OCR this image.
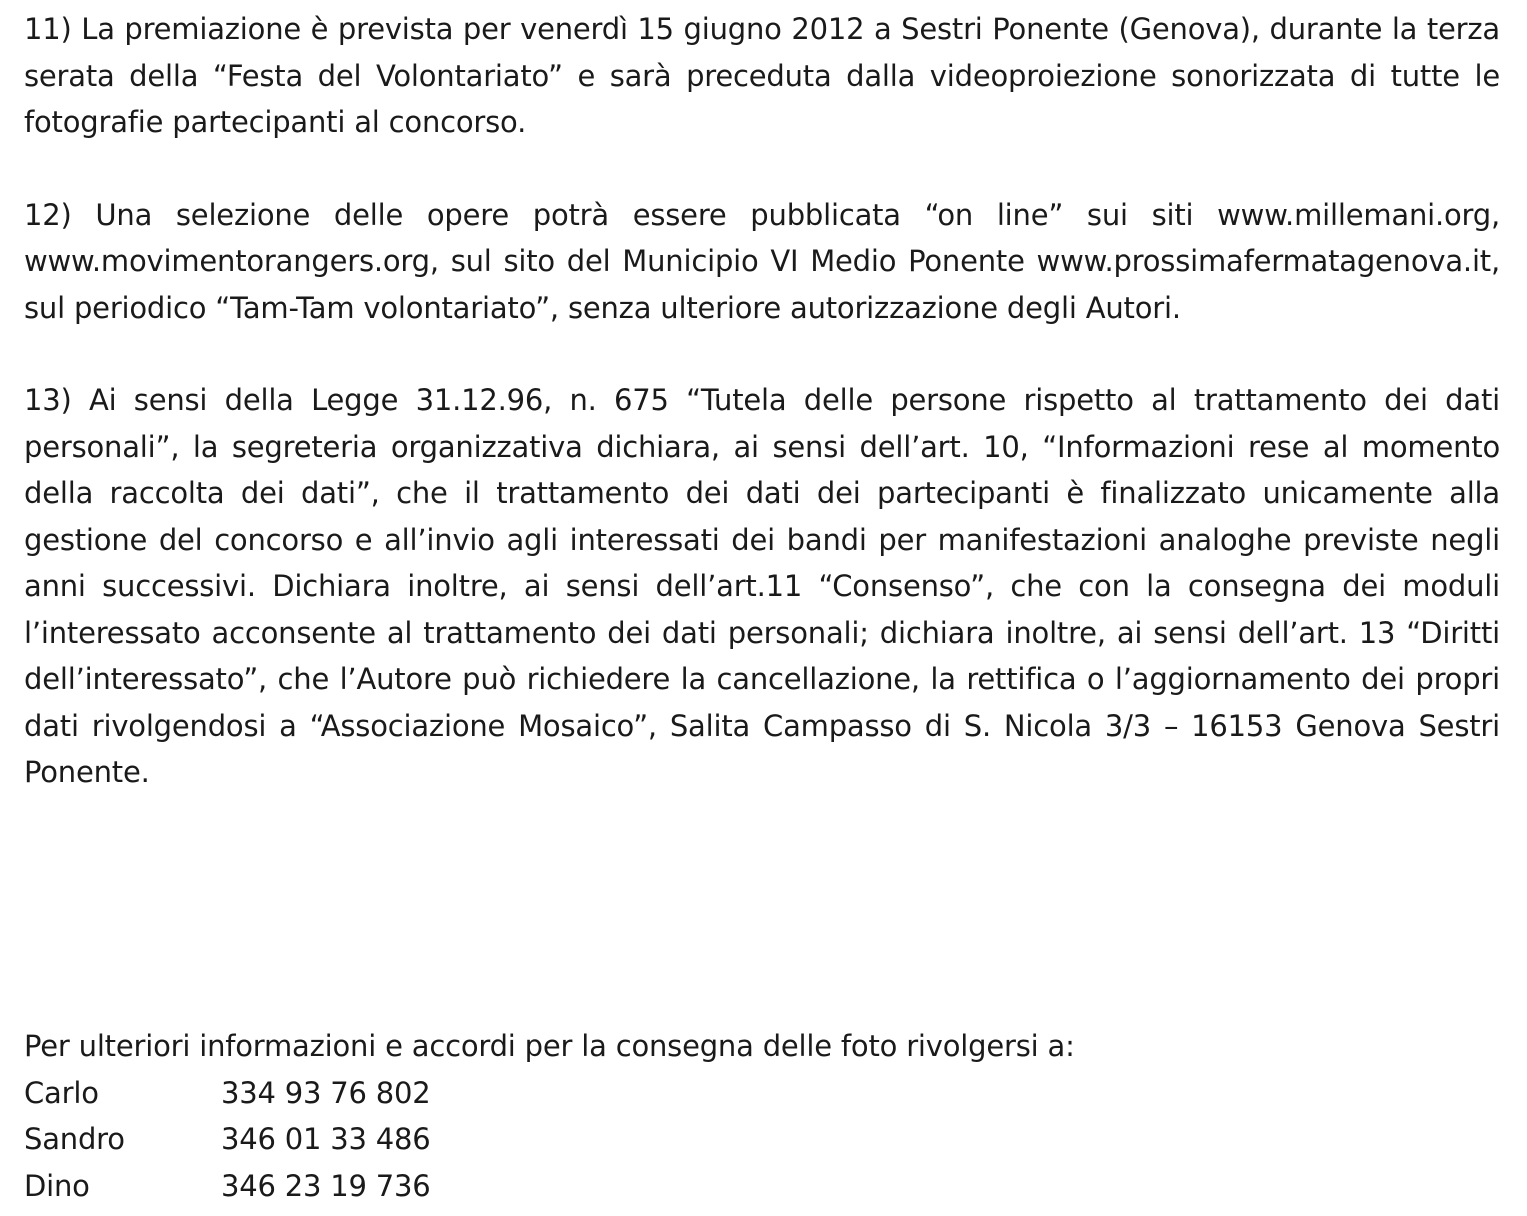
11) La premiazione è prevista per venerdì 15 giugno 2012 a Sestri Ponente (Genova), durante la terza serata della “Festa del Volontariato” e sarà preceduta dalla videoproiezione sonorizzata di tutte le fotografie partecipanti al concorso.

12) Una selezione delle opere potrà essere pubblicata “on line” sui siti www.millemani.org, www.movimentorangers.org, sul sito del Municipio VI Medio Ponente www.prossimafermatagenova.it, sul periodico “Tam-Tam volontariato”, senza ulteriore autorizzazione degli Autori.

13) Ai sensi della Legge 31.12.96, n. 675 “Tutela delle persone rispetto al trattamento dei dati personali”, la segreteria organizzativa dichiara, ai sensi dell’art. 10, “Informazioni rese al momento della raccolta dei dati”, che il trattamento dei dati dei partecipanti è finalizzato unicamente alla gestione del concorso e all’invio agli interessati dei bandi per manifestazioni analoghe previste negli anni successivi. Dichiara inoltre, ai sensi dell’art.11 “Consenso”, che con la consegna dei moduli l’interessato acconsente al trattamento dei dati personali; dichiara inoltre, ai sensi dell’art. 13 “Diritti dell’interessato”, che l’Autore può richiedere la cancellazione, la rettifica o l’aggiornamento dei propri dati rivolgendosi a “Associazione Mosaico”, Salita Campasso di S. Nicola 3/3 – 16153 Genova Sestri Ponente.

Per ulteriori informazioni e accordi per la consegna delle foto rivolgersi a:

Carlo	334 93 76 802
Sandro	346 01 33 486
Dino	346 23 19 736
